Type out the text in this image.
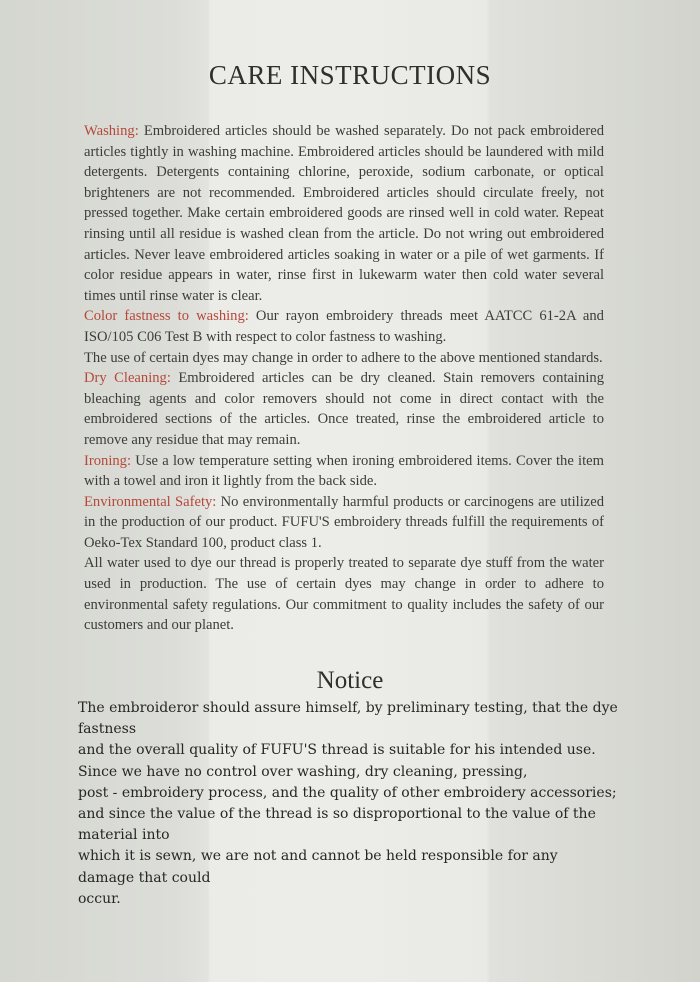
CARE INSTRUCTIONS

Washing: Embroidered articles should be washed separately. Do not pack embroidered articles tightly in washing machine. Embroidered articles should be laundered with mild detergents. Detergents containing chlorine, peroxide, sodium carbonate, or optical brighteners are not recommended. Embroidered articles should circulate freely, not pressed together. Make certain embroidered goods are rinsed well in cold water. Repeat rinsing until all residue is washed clean from the article. Do not wring out embroidered articles. Never leave embroidered articles soaking in water or a pile of wet garments. If color residue appears in water, rinse first in lukewarm water then cold water several times until rinse water is clear.

Color fastness to washing: Our rayon embroidery threads meet AATCC 61-2A and ISO/105 C06 Test B with respect to color fastness to washing.

The use of certain dyes may change in order to adhere to the above mentioned standards.

Dry Cleaning: Embroidered articles can be dry cleaned. Stain removers containing bleaching agents and color removers should not come in direct contact with the embroidered sections of the articles. Once treated, rinse the embroidered article to remove any residue that may remain.

Ironing: Use a low temperature setting when ironing embroidered items. Cover the item with a towel and iron it lightly from the back side.

Environmental Safety: No environmentally harmful products or carcinogens are utilized in the production of our product. FUFU'S embroidery threads fulfill the requirements of Oeko-Tex Standard 100, product class 1.

All water used to dye our thread is properly treated to separate dye stuff from the water used in production. The use of certain dyes may change in order to adhere to environmental safety regulations. Our commitment to quality includes the safety of our customers and our planet.

Notice

The embroideror should assure himself, by preliminary testing, that the dye fastness

and the overall quality of FUFU'S thread is suitable for his intended use.

Since we have no control over washing, dry cleaning, pressing,

post - embroidery process, and the quality of other embroidery accessories;

and since the value of the thread is so disproportional to the value of the material into

which it is sewn, we are not and cannot be held responsible for any damage that could

occur.
